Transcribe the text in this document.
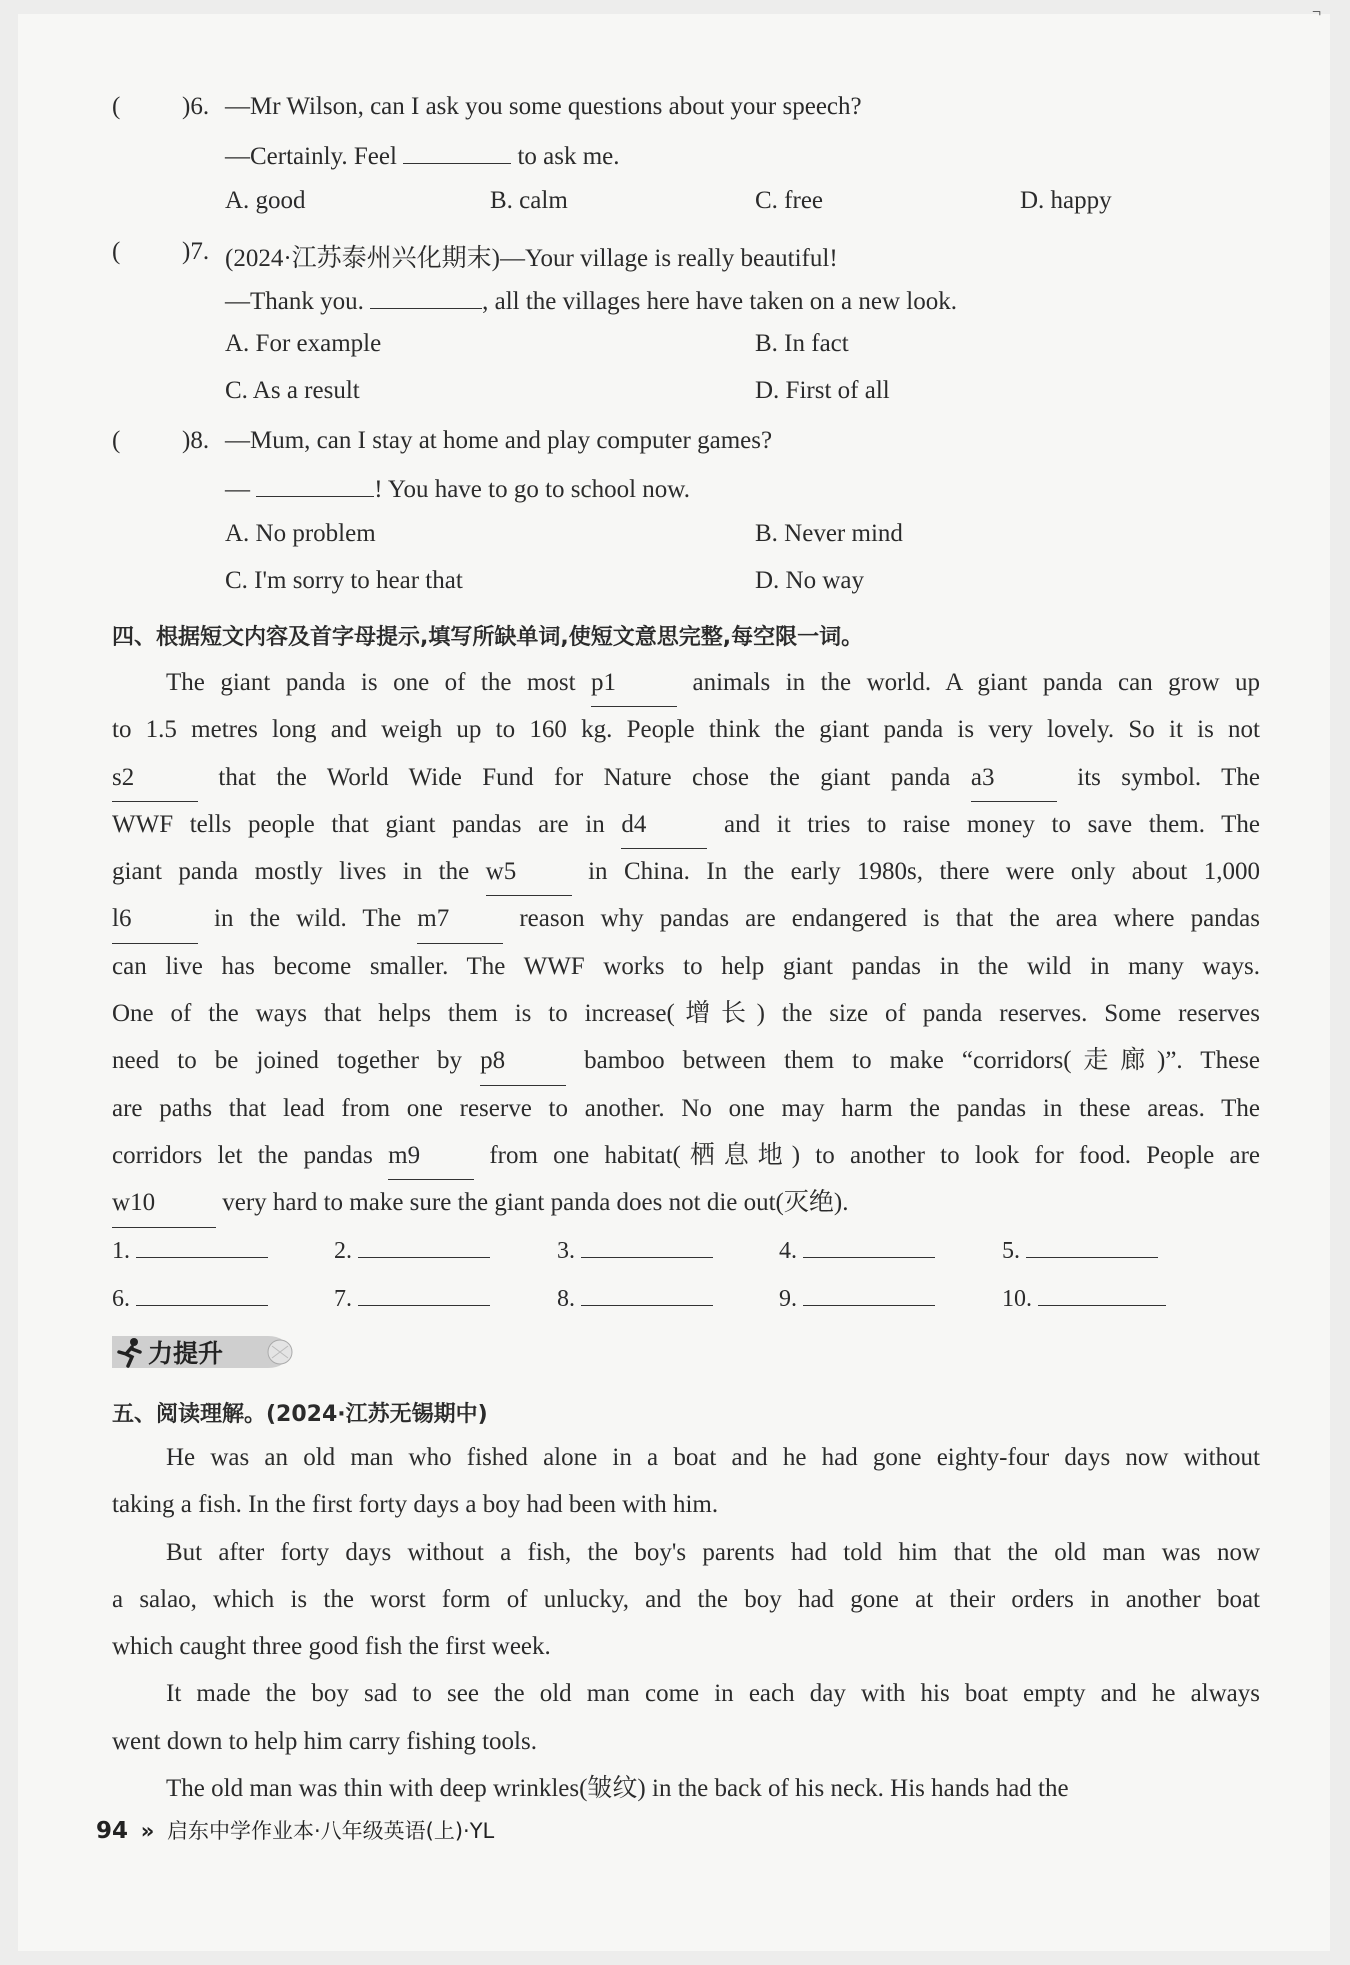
¬
( )6. —Mr Wilson, can I ask you some questions about your speech?
—Certainly. Feel	to ask me.
A. good	B. calm	C. free	D. happy
( )7. (2024·江苏泰州兴化期末)—Your village is really beautiful!
—Thank you.	, all the villages here have taken on a new look.
A. For example	B. In fact
C. As a result	D. First of all
( )8. —Mum, can I stay at home and play computer games?
—	! You have to go to school now.
A. No problem	B. Never mind
C. I'm sorry to hear that	D. No way
四、根据短文内容及首字母提示,填写所缺单词,使短文意思完整,每空限一词。
The giant panda is one of the most p1 animals in the world. A giant panda can grow up
to 1.5 metres long and weigh up to 160 kg. People think the giant panda is very lovely. So it is not
s2	that the World Wide Fund for Nature chose the giant panda a3 its symbol. The
WWF tells people that giant pandas are in d4 and it tries to raise money to save them. The
giant panda mostly lives in the w5 in China. In the early 1980s, there were only about 1,000
l6	in the wild. The m7 reason why pandas are endangered is that the area where pandas
can live has become smaller. The WWF works to help giant pandas in the wild in many ways.
One of the ways that helps them is to increase(增长) the size of panda reserves. Some reserves
need to be joined together by p8 bamboo between them to make “corridors(走廊)”. These
are paths that lead from one reserve to another. No one may harm the pandas in these areas. The
corridors let the pandas m9 from one habitat(栖息地) to another to look for food. People are
w10 very hard to make sure the giant panda does not die out(灭绝).
1.	2.	3.	4.	5.
6.	7.	8.	9.	10.
力提升
五、阅读理解。(2024·江苏无锡期中)
He was an old man who fished alone in a boat and he had gone eighty-four days now without
taking a fish. In the first forty days a boy had been with him.
But after forty days without a fish, the boy's parents had told him that the old man was now
a salao, which is the worst form of unlucky, and the boy had gone at their orders in another boat
which caught three good fish the first week.
It made the boy sad to see the old man come in each day with his boat empty and he always
went down to help him carry fishing tools.
The old man was thin with deep wrinkles(皱纹) in the back of his neck. His hands had the
94 » 启东中学作业本·八年级英语(上)·YL
